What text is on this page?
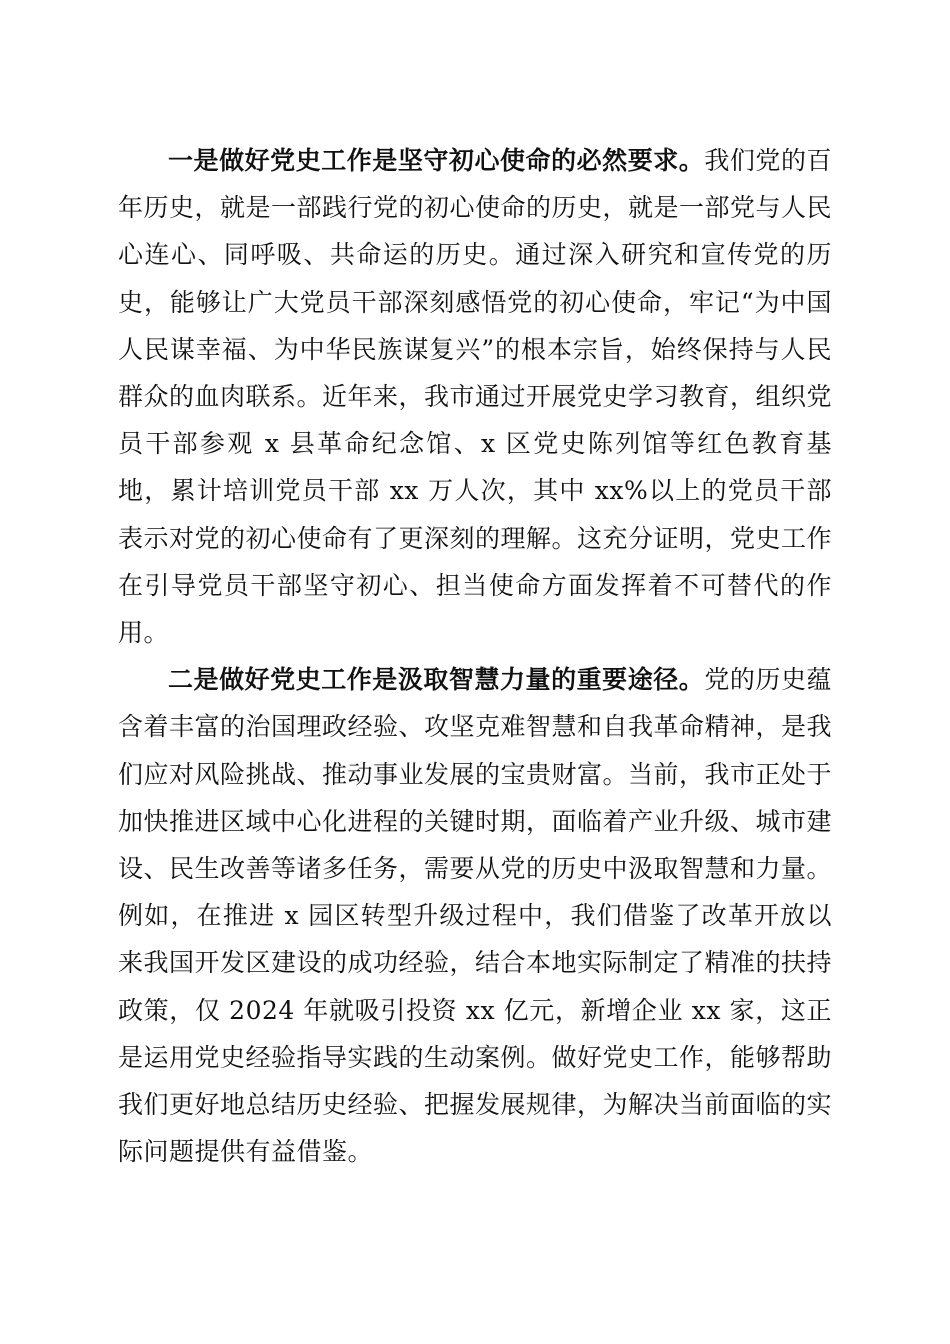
一是做好党史工作是坚守初心使命的必然要求。我们党的百年历史，就是一部践行党的初心使命的历史，就是一部党与人民心连心、同呼吸、共命运的历史。通过深入研究和宣传党的历史，能够让广大党员干部深刻感悟党的初心使命，牢记“为中国人民谋幸福、为中华民族谋复兴”的根本宗旨，始终保持与人民群众的血肉联系。近年来，我市通过开展党史学习教育，组织党员干部参观 x 县革命纪念馆、x 区党史陈列馆等红色教育基地，累计培训党员干部 xx 万人次，其中 xx%以上的党员干部表示对党的初心使命有了更深刻的理解。这充分证明，党史工作在引导党员干部坚守初心、担当使命方面发挥着不可替代的作用。

二是做好党史工作是汲取智慧力量的重要途径。党的历史蕴含着丰富的治国理政经验、攻坚克难智慧和自我革命精神，是我们应对风险挑战、推动事业发展的宝贵财富。当前，我市正处于加快推进区域中心化进程的关键时期，面临着产业升级、城市建设、民生改善等诸多任务，需要从党的历史中汲取智慧和力量。例如，在推进 x 园区转型升级过程中，我们借鉴了改革开放以来我国开发区建设的成功经验，结合本地实际制定了精准的扶持政策，仅 2024 年就吸引投资 xx 亿元，新增企业 xx 家，这正是运用党史经验指导实践的生动案例。做好党史工作，能够帮助我们更好地总结历史经验、把握发展规律，为解决当前面临的实际问题提供有益借鉴。
